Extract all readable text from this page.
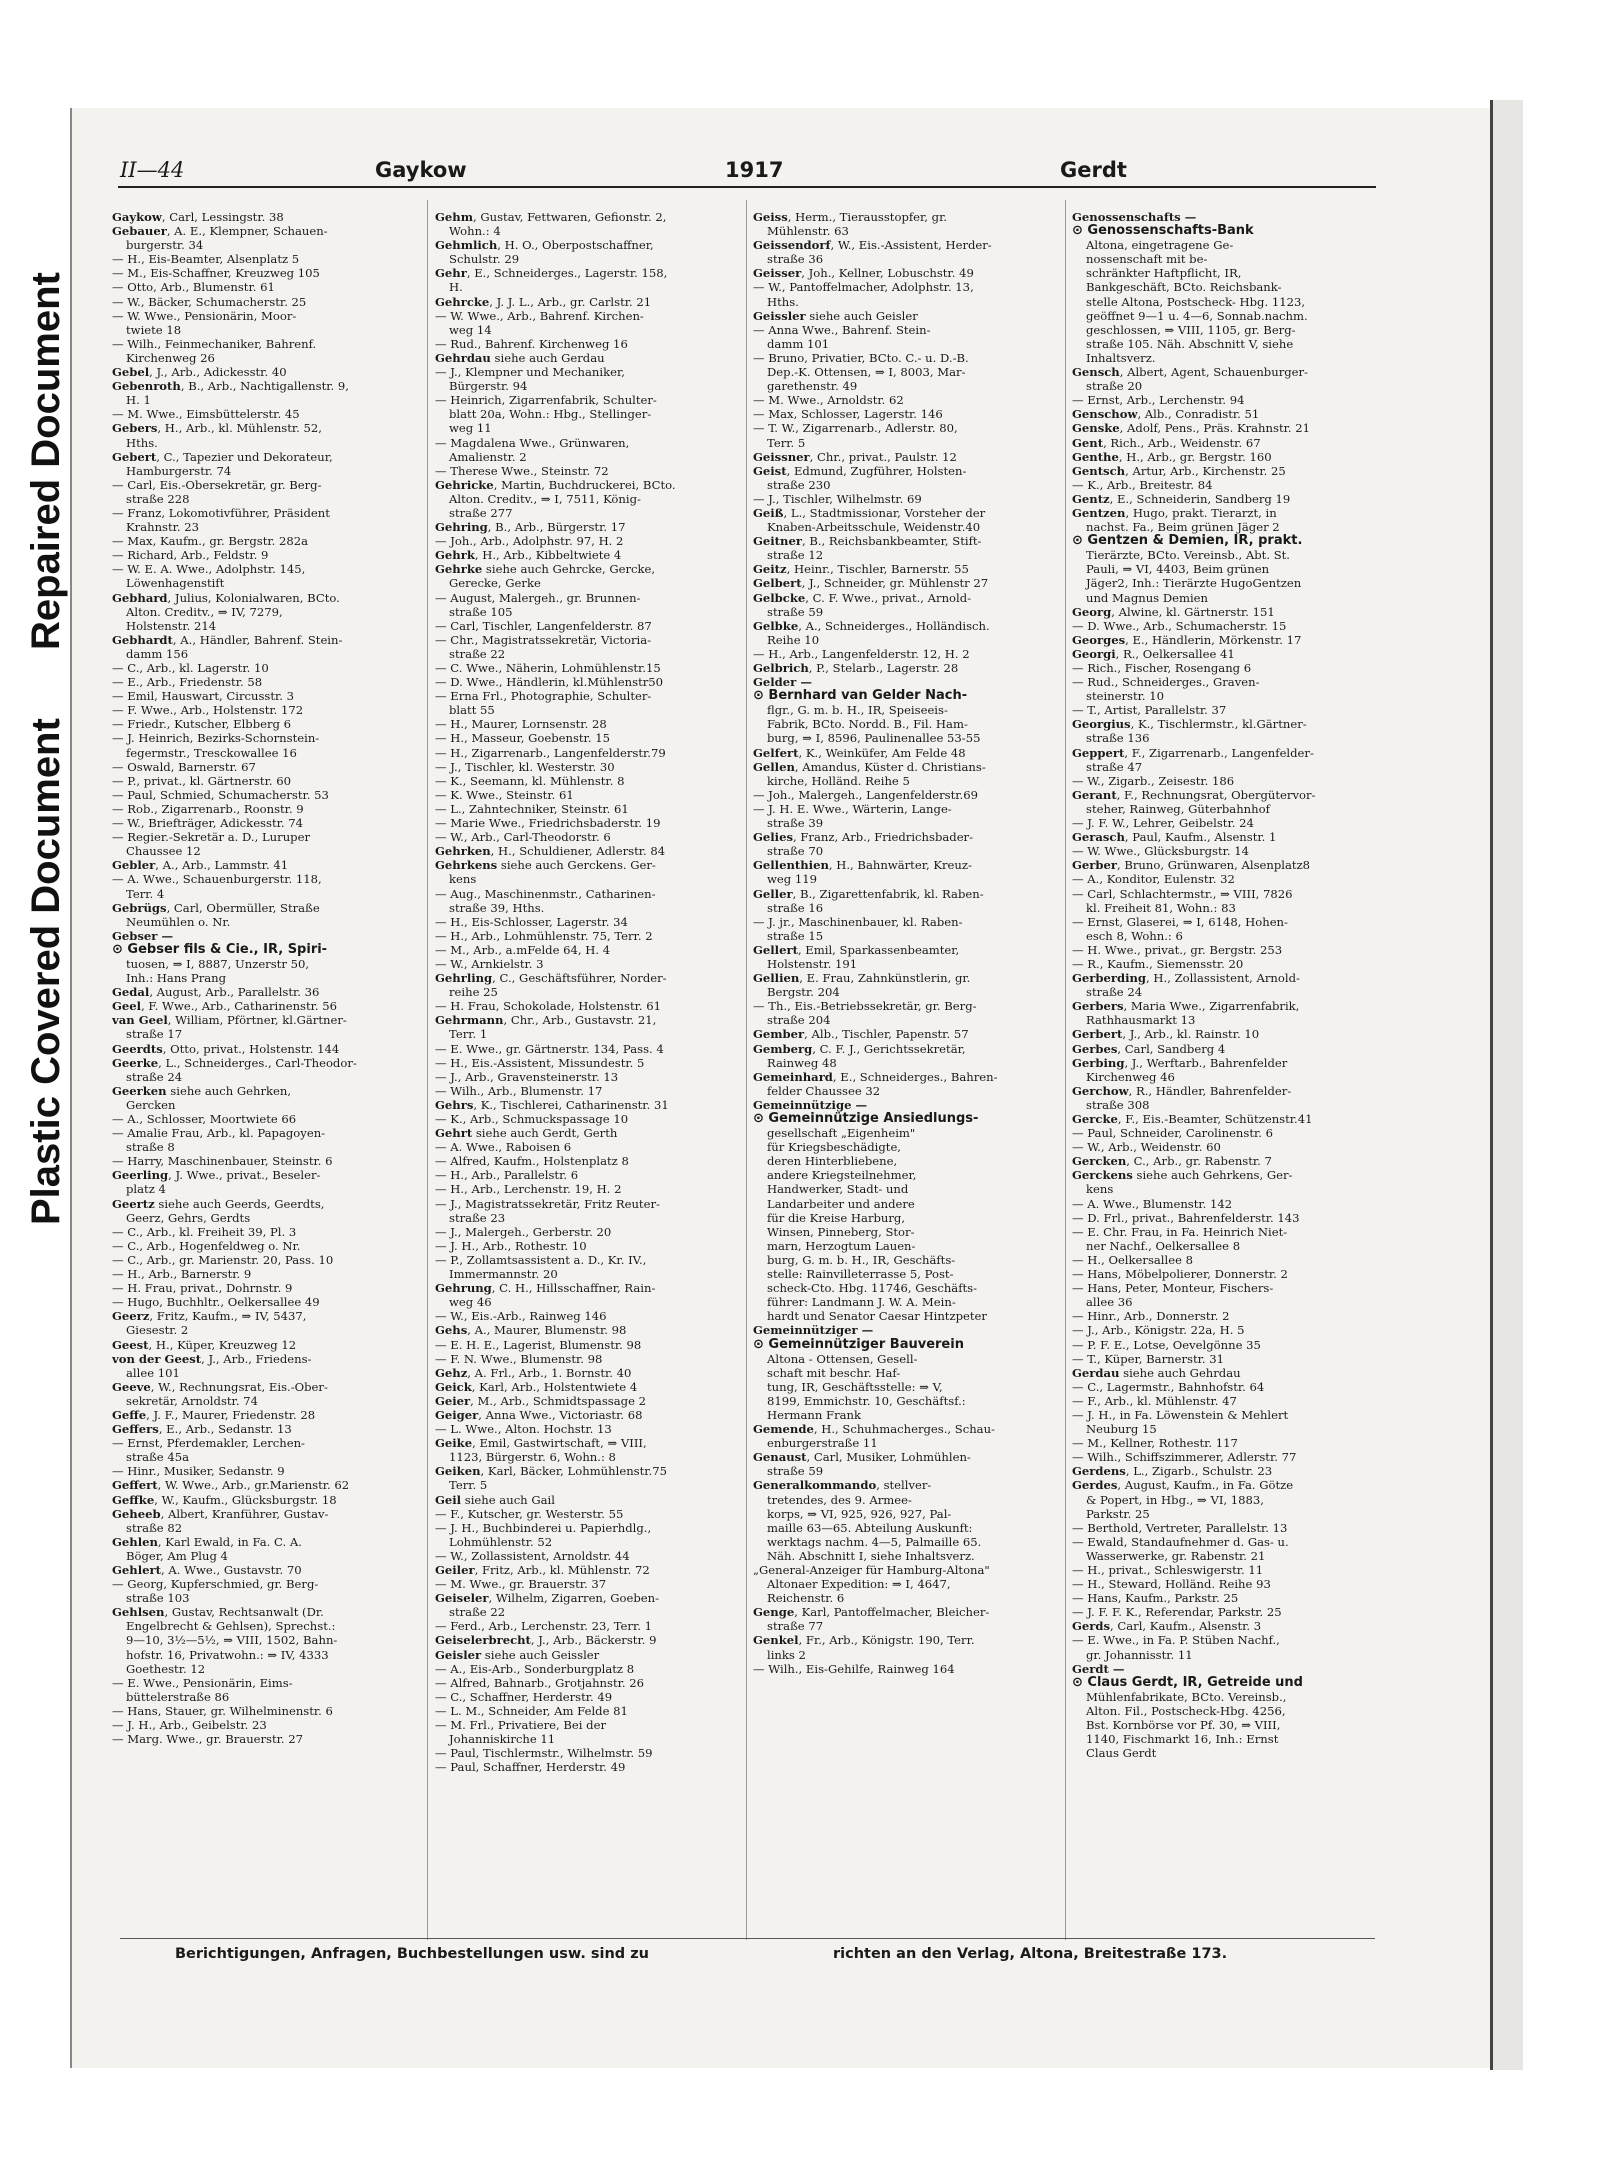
Repaired Document
Plastic Covered Document
II—44	Gaykow	1917	Gerdt
Gaykow, Carl, Lessingstr. 38
Gebauer, A. E., Klempner, Schauen-
burgerstr. 34
— H., Eis-Beamter, Alsenplatz 5
— M., Eis-Schaffner, Kreuzweg 105
— Otto, Arb., Blumenstr. 61
— W., Bäcker, Schumacherstr. 25
— W. Wwe., Pensionärin, Moor-
twiete 18
— Wilh., Feinmechaniker, Bahrenf.
Kirchenweg 26
Gebel, J., Arb., Adickesstr. 40
Gebenroth, B., Arb., Nachtigallenstr. 9,
H. 1
— M. Wwe., Eimsbüttelerstr. 45
Gebers, H., Arb., kl. Mühlenstr. 52,
Hths.
Gebert, C., Tapezier und Dekorateur,
Hamburgerstr. 74
— Carl, Eis.-Obersekretär, gr. Berg-
straße 228
— Franz, Lokomotivführer, Präsident
Krahnstr. 23
— Max, Kaufm., gr. Bergstr. 282a
— Richard, Arb., Feldstr. 9
— W. E. A. Wwe., Adolphstr. 145,
Löwenhagenstift
Gebhard, Julius, Kolonialwaren, BCto.
Alton. Creditv., ⇒ IV, 7279,
Holstenstr. 214
Gebhardt, A., Händler, Bahrenf. Stein-
damm 156
— C., Arb., kl. Lagerstr. 10
— E., Arb., Friedenstr. 58
— Emil, Hauswart, Circusstr. 3
— F. Wwe., Arb., Holstenstr. 172
— Friedr., Kutscher, Elbberg 6
— J. Heinrich, Bezirks-Schornstein-
fegermstr., Tresckowallee 16
— Oswald, Barnerstr. 67
— P., privat., kl. Gärtnerstr. 60
— Paul, Schmied, Schumacherstr. 53
— Rob., Zigarrenarb., Roonstr. 9
— W., Briefträger, Adickesstr. 74
— Regier.-Sekretär a. D., Luruper
Chaussee 12
Gebler, A., Arb., Lammstr. 41
— A. Wwe., Schauenburgerstr. 118,
Terr. 4
Gebrügs, Carl, Obermüller, Straße
Neumühlen o. Nr.
Gebser —
⊙ Gebser fils & Cie., IR, Spiri-
tuosen, ⇒ I, 8887, Unzerstr 50,
Inh.: Hans Prang
Gedal, August, Arb., Parallelstr. 36
Geel, F. Wwe., Arb., Catharinenstr. 56
van Geel, William, Pförtner, kl.Gärtner-
straße 17
Geerdts, Otto, privat., Holstenstr. 144
Geerke, L., Schneiderges., Carl-Theodor-
straße 24
Geerken siehe auch Gehrken,
Gercken
— A., Schlosser, Moortwiete 66
— Amalie Frau, Arb., kl. Papagoyen-
straße 8
— Harry, Maschinenbauer, Steinstr. 6
Geerling, J. Wwe., privat., Beseler-
platz 4
Geertz siehe auch Geerds, Geerdts,
Geerz, Gehrs, Gerdts
— C., Arb., kl. Freiheit 39, Pl. 3
— C., Arb., Hogenfeldweg o. Nr.
— C., Arb., gr. Marienstr. 20, Pass. 10
— H., Arb., Barnerstr. 9
— H. Frau, privat., Dohrnstr. 9
— Hugo, Buchhltr., Oelkersallee 49
Geerz, Fritz, Kaufm., ⇒ IV, 5437,
Giesestr. 2
Geest, H., Küper, Kreuzweg 12
von der Geest, J., Arb., Friedens-
allee 101
Geeve, W., Rechnungsrat, Eis.-Ober-
sekretär, Arnoldstr. 74
Geffe, J. F., Maurer, Friedenstr. 28
Geffers, E., Arb., Sedanstr. 13
— Ernst, Pferdemakler, Lerchen-
straße 45a
— Hinr., Musiker, Sedanstr. 9
Geffert, W. Wwe., Arb., gr.Marienstr. 62
Geffke, W., Kaufm., Glücksburgstr. 18
Geheeb, Albert, Kranführer, Gustav-
straße 82
Gehlen, Karl Ewald, in Fa. C. A.
Böger, Am Plug 4
Gehlert, A. Wwe., Gustavstr. 70
— Georg, Kupferschmied, gr. Berg-
straße 103
Gehlsen, Gustav, Rechtsanwalt (Dr.
Engelbrecht & Gehlsen), Sprechst.:
9—10, 3½—5½, ⇒ VIII, 1502, Bahn-
hofstr. 16, Privatwohn.: ⇒ IV, 4333
Goethestr. 12
— E. Wwe., Pensionärin, Eims-
büttelerstraße 86
— Hans, Stauer, gr. Wilhelminenstr. 6
— J. H., Arb., Geibelstr. 23
— Marg. Wwe., gr. Brauerstr. 27
Gehm, Gustav, Fettwaren, Gefionstr. 2,
Wohn.: 4
Gehmlich, H. O., Oberpostschaffner,
Schulstr. 29
Gehr, E., Schneiderges., Lagerstr. 158,
H.
Gehrcke, J. J. L., Arb., gr. Carlstr. 21
— W. Wwe., Arb., Bahrenf. Kirchen-
weg 14
— Rud., Bahrenf. Kirchenweg 16
Gehrdau siehe auch Gerdau
— J., Klempner und Mechaniker,
Bürgerstr. 94
— Heinrich, Zigarrenfabrik, Schulter-
blatt 20a, Wohn.: Hbg., Stellinger-
weg 11
— Magdalena Wwe., Grünwaren,
Amalienstr. 2
— Therese Wwe., Steinstr. 72
Gehricke, Martin, Buchdruckerei, BCto.
Alton. Creditv., ⇒ I, 7511, König-
straße 277
Gehring, B., Arb., Bürgerstr. 17
— Joh., Arb., Adolphstr. 97, H. 2
Gehrk, H., Arb., Kibbeltwiete 4
Gehrke siehe auch Gehrcke, Gercke,
Gerecke, Gerke
— August, Malergeh., gr. Brunnen-
straße 105
— Carl, Tischler, Langenfelderstr. 87
— Chr., Magistratssekretär, Victoria-
straße 22
— C. Wwe., Näherin, Lohmühlenstr.15
— D. Wwe., Händlerin, kl.Mühlenstr50
— Erna Frl., Photographie, Schulter-
blatt 55
— H., Maurer, Lornsenstr. 28
— H., Masseur, Goebenstr. 15
— H., Zigarrenarb., Langenfelderstr.79
— J., Tischler, kl. Westerstr. 30
— K., Seemann, kl. Mühlenstr. 8
— K. Wwe., Steinstr. 61
— L., Zahntechniker, Steinstr. 61
— Marie Wwe., Friedrichsbaderstr. 19
— W., Arb., Carl-Theodorstr. 6
Gehrken, H., Schuldiener, Adlerstr. 84
Gehrkens siehe auch Gerckens. Ger-
kens
— Aug., Maschinenmstr., Catharinen-
straße 39, Hths.
— H., Eis-Schlosser, Lagerstr. 34
— H., Arb., Lohmühlenstr. 75, Terr. 2
— M., Arb., a.mFelde 64, H. 4
— W., Arnkielstr. 3
Gehrling, C., Geschäftsführer, Norder-
reihe 25
— H. Frau, Schokolade, Holstenstr. 61
Gehrmann, Chr., Arb., Gustavstr. 21,
Terr. 1
— E. Wwe., gr. Gärtnerstr. 134, Pass. 4
— H., Eis.-Assistent, Missundestr. 5
— J., Arb., Gravensteinerstr. 13
— Wilh., Arb., Blumenstr. 17
Gehrs, K., Tischlerei, Catharinenstr. 31
— K., Arb., Schmuckspassage 10
Gehrt siehe auch Gerdt, Gerth
— A. Wwe., Raboisen 6
— Alfred, Kaufm., Holstenplatz 8
— H., Arb., Parallelstr. 6
— H., Arb., Lerchenstr. 19, H. 2
— J., Magistratssekretär, Fritz Reuter-
straße 23
— J., Malergeh., Gerberstr. 20
— J. H., Arb., Rothestr. 10
— P., Zollamtsassistent a. D., Kr. IV.,
Immermannstr. 20
Gehrung, C. H., Hillsschaffner, Rain-
weg 46
— W., Eis.-Arb., Rainweg 146
Gehs, A., Maurer, Blumenstr. 98
— E. H. E., Lagerist, Blumenstr. 98
— F. N. Wwe., Blumenstr. 98
Gehz, A. Frl., Arb., 1. Bornstr. 40
Geick, Karl, Arb., Holstentwiete 4
Geier, M., Arb., Schmidtspassage 2
Geiger, Anna Wwe., Victoriastr. 68
— L. Wwe., Alton. Hochstr. 13
Geike, Emil, Gastwirtschaft, ⇒ VIII,
1123, Bürgerstr. 6, Wohn.: 8
Geiken, Karl, Bäcker, Lohmühlenstr.75
Terr. 5
Geil siehe auch Gail
— F., Kutscher, gr. Westerstr. 55
— J. H., Buchbinderei u. Papierhdlg.,
Lohmühlenstr. 52
— W., Zollassistent, Arnoldstr. 44
Geiler, Fritz, Arb., kl. Mühlenstr. 72
— M. Wwe., gr. Brauerstr. 37
Geiseler, Wilhelm, Zigarren, Goeben-
straße 22
— Ferd., Arb., Lerchenstr. 23, Terr. 1
Geiselerbrecht, J., Arb., Bäckerstr. 9
Geisler siehe auch Geissler
— A., Eis-Arb., Sonderburgplatz 8
— Alfred, Bahnarb., Grotjahnstr. 26
— C., Schaffner, Herderstr. 49
— L. M., Schneider, Am Felde 81
— M. Frl., Privatiere, Bei der
Johanniskirche 11
— Paul, Tischlermstr., Wilhelmstr. 59
— Paul, Schaffner, Herderstr. 49
Geiss, Herm., Tierausstopfer, gr.
Mühlenstr. 63
Geissendorf, W., Eis.-Assistent, Herder-
straße 36
Geisser, Joh., Kellner, Lobuschstr. 49
— W., Pantoffelmacher, Adolphstr. 13,
Hths.
Geissler siehe auch Geisler
— Anna Wwe., Bahrenf. Stein-
damm 101
— Bruno, Privatier, BCto. C.- u. D.-B.
Dep.-K. Ottensen, ⇒ I, 8003, Mar-
garethenstr. 49
— M. Wwe., Arnoldstr. 62
— Max, Schlosser, Lagerstr. 146
— T. W., Zigarrenarb., Adlerstr. 80,
Terr. 5
Geissner, Chr., privat., Paulstr. 12
Geist, Edmund, Zugführer, Holsten-
straße 230
— J., Tischler, Wilhelmstr. 69
Geiß, L., Stadtmissionar, Vorsteher der
Knaben-Arbeitsschule, Weidenstr.40
Geitner, B., Reichsbankbeamter, Stift-
straße 12
Geitz, Heinr., Tischler, Barnerstr. 55
Gelbert, J., Schneider, gr. Mühlenstr 27
Gelbcke, C. F. Wwe., privat., Arnold-
straße 59
Gelbke, A., Schneiderges., Holländisch.
Reihe 10
— H., Arb., Langenfelderstr. 12, H. 2
Gelbrich, P., Stelarb., Lagerstr. 28
Gelder —
⊙ Bernhard van Gelder Nach-
flgr., G. m. b. H., IR, Speiseeis-
Fabrik, BCto. Nordd. B., Fil. Ham-
burg, ⇒ I, 8596, Paulinenallee 53-55
Gelfert, K., Weinküfer, Am Felde 48
Gellen, Amandus, Küster d. Christians-
kirche, Holländ. Reihe 5
— Joh., Malergeh., Langenfelderstr.69
— J. H. E. Wwe., Wärterin, Lange-
straße 39
Gelies, Franz, Arb., Friedrichsbader-
straße 70
Gellenthien, H., Bahnwärter, Kreuz-
weg 119
Geller, B., Zigarettenfabrik, kl. Raben-
straße 16
— J. jr., Maschinenbauer, kl. Raben-
straße 15
Gellert, Emil, Sparkassenbeamter,
Holstenstr. 191
Gellien, E. Frau, Zahnkünstlerin, gr.
Bergstr. 204
— Th., Eis.-Betriebssekretär, gr. Berg-
straße 204
Gember, Alb., Tischler, Papenstr. 57
Gemberg, C. F. J., Gerichtssekretär,
Rainweg 48
Gemeinhard, E., Schneiderges., Bahren-
felder Chaussee 32
Gemeinnützige —
⊙ Gemeinnützige Ansiedlungs-
gesellschaft „Eigenheim"
für Kriegsbeschädigte,
deren Hinterbliebene,
andere Kriegsteilnehmer,
Handwerker, Stadt- und
Landarbeiter und andere
für die Kreise Harburg,
Winsen, Pinneberg, Stor-
marn, Herzogtum Lauen-
burg, G. m. b. H., IR, Geschäfts-
stelle: Rainvilleterrasse 5, Post-
scheck-Cto. Hbg. 11746, Geschäfts-
führer: Landmann J. W. A. Mein-
hardt und Senator Caesar Hintzpeter
Gemeinnütziger —
⊙ Gemeinnütziger Bauverein
Altona - Ottensen, Gesell-
schaft mit beschr. Haf-
tung, IR, Geschäftsstelle: ⇒ V,
8199, Emmichstr. 10, Geschäftsf.:
Hermann Frank
Gemende, H., Schuhmacherges., Schau-
enburgerstraße 11
Genaust, Carl, Musiker, Lohmühlen-
straße 59
Generalkommando, stellver-
tretendes, des 9. Armee-
korps, ⇒ VI, 925, 926, 927, Pal-
maille 63—65. Abteilung Auskunft:
werktags nachm. 4—5, Palmaille 65.
Näh. Abschnitt I, siehe Inhaltsverz.
„General-Anzeiger für Hamburg-Altona"
Altonaer Expedition: ⇒ I, 4647,
Reichenstr. 6
Genge, Karl, Pantoffelmacher, Bleicher-
straße 77
Genkel, Fr., Arb., Königstr. 190, Terr.
links 2
— Wilh., Eis-Gehilfe, Rainweg 164
Genossenschafts —
⊙ Genossenschafts-Bank
Altona, eingetragene Ge-
nossenschaft mit be-
schränkter Haftpflicht, IR,
Bankgeschäft, BCto. Reichsbank-
stelle Altona, Postscheck- Hbg. 1123,
geöffnet 9—1 u. 4—6, Sonnab.nachm.
geschlossen, ⇒ VIII, 1105, gr. Berg-
straße 105. Näh. Abschnitt V, siehe
Inhaltsverz.
Gensch, Albert, Agent, Schauenburger-
straße 20
— Ernst, Arb., Lerchenstr. 94
Genschow, Alb., Conradistr. 51
Genske, Adolf, Pens., Präs. Krahnstr. 21
Gent, Rich., Arb., Weidenstr. 67
Genthe, H., Arb., gr. Bergstr. 160
Gentsch, Artur, Arb., Kirchenstr. 25
— K., Arb., Breitestr. 84
Gentz, E., Schneiderin, Sandberg 19
Gentzen, Hugo, prakt. Tierarzt, in
nachst. Fa., Beim grünen Jäger 2
⊙ Gentzen & Demien, IR, prakt.
Tierärzte, BCto. Vereinsb., Abt. St.
Pauli, ⇒ VI, 4403, Beim grünen
Jäger2, Inh.: Tierärzte HugoGentzen
und Magnus Demien
Georg, Alwine, kl. Gärtnerstr. 151
— D. Wwe., Arb., Schumacherstr. 15
Georges, E., Händlerin, Mörkenstr. 17
Georgi, R., Oelkersallee 41
— Rich., Fischer, Rosengang 6
— Rud., Schneiderges., Graven-
steinerstr. 10
— T., Artist, Parallelstr. 37
Georgius, K., Tischlermstr., kl.Gärtner-
straße 136
Geppert, F., Zigarrenarb., Langenfelder-
straße 47
— W., Zigarb., Zeisestr. 186
Gerant, F., Rechnungsrat, Obergütervor-
steher, Rainweg, Güterbahnhof
— J. F. W., Lehrer, Geibelstr. 24
Gerasch, Paul, Kaufm., Alsenstr. 1
— W. Wwe., Glücksburgstr. 14
Gerber, Bruno, Grünwaren, Alsenplatz8
— A., Konditor, Eulenstr. 32
— Carl, Schlachtermstr., ⇒ VIII, 7826
kl. Freiheit 81, Wohn.: 83
— Ernst, Glaserei, ⇒ I, 6148, Hohen-
esch 8, Wohn.: 6
— H. Wwe., privat., gr. Bergstr. 253
— R., Kaufm., Siemensstr. 20
Gerberding, H., Zollassistent, Arnold-
straße 24
Gerbers, Maria Wwe., Zigarrenfabrik,
Rathhausmarkt 13
Gerbert, J., Arb., kl. Rainstr. 10
Gerbes, Carl, Sandberg 4
Gerbing, J., Werftarb., Bahrenfelder
Kirchenweg 46
Gerchow, R., Händler, Bahrenfelder-
straße 308
Gercke, F., Eis.-Beamter, Schützenstr.41
— Paul, Schneider, Carolinenstr. 6
— W., Arb., Weidenstr. 60
Gercken, C., Arb., gr. Rabenstr. 7
Gerckens siehe auch Gehrkens, Ger-
kens
— A. Wwe., Blumenstr. 142
— D. Frl., privat., Bahrenfelderstr. 143
— E. Chr. Frau, in Fa. Heinrich Niet-
ner Nachf., Oelkersallee 8
— H., Oelkersallee 8
— Hans, Möbelpolierer, Donnerstr. 2
— Hans, Peter, Monteur, Fischers-
allee 36
— Hinr., Arb., Donnerstr. 2
— J., Arb., Königstr. 22a, H. 5
— P. F. E., Lotse, Oevelgönne 35
— T., Küper, Barnerstr. 31
Gerdau siehe auch Gehrdau
— C., Lagermstr., Bahnhofstr. 64
— F., Arb., kl. Mühlenstr. 47
— J. H., in Fa. Löwenstein & Mehlert
Neuburg 15
— M., Kellner, Rothestr. 117
— Wilh., Schiffszimmerer, Adlerstr. 77
Gerdens, L., Zigarb., Schulstr. 23
Gerdes, August, Kaufm., in Fa. Götze
& Popert, in Hbg., ⇒ VI, 1883,
Parkstr. 25
— Berthold, Vertreter, Parallelstr. 13
— Ewald, Standaufnehmer d. Gas- u.
Wasserwerke, gr. Rabenstr. 21
— H., privat., Schleswigerstr. 11
— H., Steward, Holländ. Reihe 93
— Hans, Kaufm., Parkstr. 25
— J. F. F. K., Referendar, Parkstr. 25
Gerds, Carl, Kaufm., Alsenstr. 3
— E. Wwe., in Fa. P. Stüben Nachf.,
gr. Johannisstr. 11
Gerdt —
⊙ Claus Gerdt, IR, Getreide und
Mühlenfabrikate, BCto. Vereinsb.,
Alton. Fil., Postscheck-Hbg. 4256,
Bst. Kornbörse vor Pf. 30, ⇒ VIII,
1140, Fischmarkt 16, Inh.: Ernst
Claus Gerdt
Berichtigungen, Anfragen, Buchbestellungen usw. sind zu	richten an den Verlag, Altona, Breitestraße 173.
